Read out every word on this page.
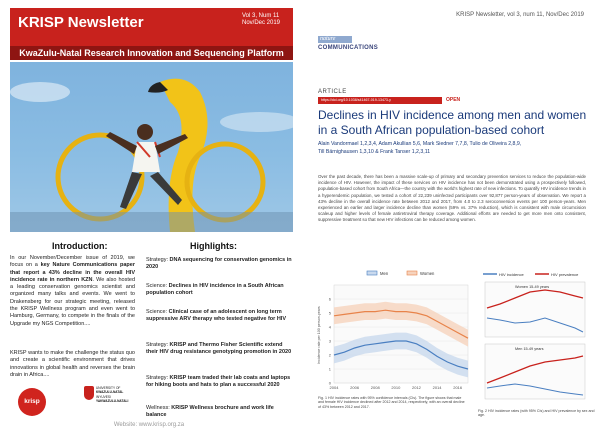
KRISP Newsletter	Vol 3, Num 11
Nov/Dec 2019
KwaZulu-Natal Research Innovation and Sequencing Platform
Introduction:	Highlights:
In our November/December issue of 2019, we focus on a key Nature Communications paper that report a 43% decline in the overall HIV incidence rate in northern KZN. We also hosted a leading conservation genomics scientist and organized many talks and events. We went to Drakensberg for our strategic meeting, released the KRISP Wellness program and even went to Hamburg, Germany, to compete in the finals of the Upgrade my NGS Competition....
KRISP wants to make the challenge the status quo and create a scientific environment that drives innovations in global health and reverses the brain drain in Africa....
Strategy: DNA sequencing for conservation genomics in 2020
Science: Declines in HIV incidence in a South African population cohort
Science: Clinical case of an adolescent on long term suppressive ARV therapy who tested negative for HIV
Strategy: KRISP and Thermo Fisher Scientific extend their HIV drug resistance genotyping promotion in 2020
Strategy: KRISP team traded their lab coats and laptops for hiking boots and hats to plan a successful 2020
Wellness: KRISP Wellness brochure and work life balance
krisp
UNIVERSITY OF
KWAZULU-NATAL
INYUVESI
YAKWAZULU-NATALI
Website: www.krisp.org.za
KRISP Newsletter, vol 3, num 11, Nov/Dec 2019
nature
COMMUNICATIONS
ARTICLE
https://doi.org/10.1038/s41467-019-13473-y	OPEN
Declines in HIV incidence among men and women in a South African population-based cohort
Alain Vandormael 1,2,3,4, Adam Akullian 5,6, Mark Siedner 7,7,8, Tulio de Oliveira 2,8,9,
Till Bärnighausen 1,3,10 & Frank Tanser 1,2,3,11
Over the past decade, there has been a massive scale-up of primary and secondary prevention services to reduce the population-wide incidence of HIV. However, the impact of these services on HIV incidence has not been demonstrated using a prospectively followed, population-based cohort from South Africa—the country with the world's highest rate of new infections. To quantify HIV incidence trends in a hyperendemic population, we tested a cohort of 22,239 uninfected participants over 92,877 person-years of observation. We report a 43% decline in the overall incidence rate between 2012 and 2017, from 4.0 to 2.3 seroconversion events per 100 person-years. Men experienced an earlier and larger incidence decline than women (59% vs. 37% reduction), which is consistent with male circumcision scaleup and higher levels of female antiretroviral therapy coverage. Additional efforts are needed to get more men onto consistent, suppressive treatment so that new HIV infections can be reduced among women.
0
1
2
3
4
5
6
2004	2006	2008	2010	2012	2014	2016
Incidence rate per 100 person-years
Men	Women
Fig. 1 HIV incidence rates with 95% confidence intervals (CIs). The figure shows that male and female HIV incidence declined after 2012 and 2014, respectively, with an overall decline of 43% between 2012 and 2017.
HIV incidence	HIV prevalence
Women 15-49 years
Men 15-49 years
Fig. 2 HIV incidence rates (with 95% CIs) and HIV prevalence by sex and age.
